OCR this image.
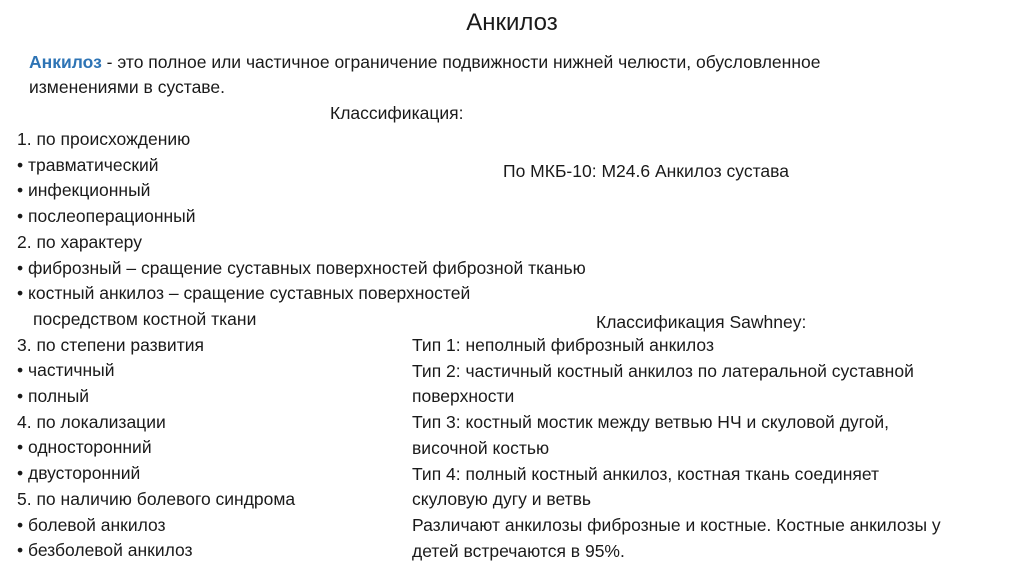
Анкилоз
Анкилоз - это полное или частичное ограничение подвижности нижней челюсти, обусловленное
изменениями в суставе.
Классификация:
1. по происхождению
• травматический
• инфекционный
• послеоперационный
2. по характеру
• фиброзный – сращение суставных поверхностей фиброзной тканью
• костный анкилоз – сращение суставных поверхностей
посредством костной ткани
3. по степени развития
• частичный
• полный
4. по локализации
• односторонний
• двусторонний
5. по наличию болевого синдрома
• болевой анкилоз
• безболевой анкилоз
По МКБ-10: М24.6 Анкилоз сустава
Классификация Sawhney:
Тип 1: неполный фиброзный анкилоз
Тип 2: частичный костный анкилоз по латеральной суставной
поверхности
Тип 3: костный мостик между ветвью НЧ и скуловой дугой,
височной костью
Тип 4: полный костный анкилоз, костная ткань соединяет
скуловую дугу и ветвь
Различают анкилозы фиброзные и костные. Костные анкилозы у
детей встречаются в 95%.
